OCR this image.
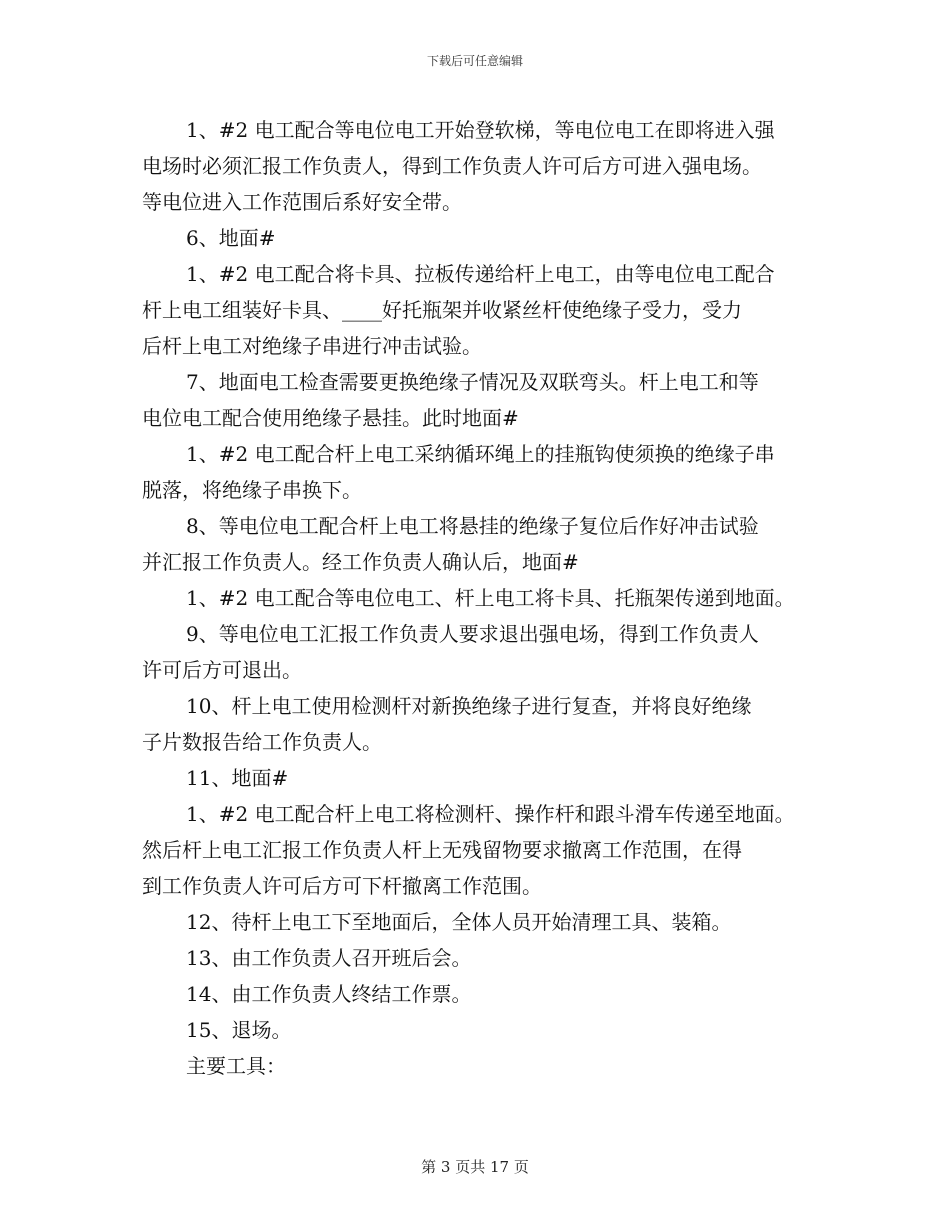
下载后可任意编辑

1、#2 电工配合等电位电工开始登软梯，等电位电工在即将进入强
电场时必须汇报工作负责人，得到工作负责人许可后方可进入强电场。
等电位进入工作范围后系好安全带。

6、地面#

1、#2 电工配合将卡具、拉板传递给杆上电工，由等电位电工配合
杆上电工组装好卡具、____好托瓶架并收紧丝杆使绝缘子受力，受力
后杆上电工对绝缘子串进行冲击试验。

7、地面电工检查需要更换绝缘子情况及双联弯头。杆上电工和等
电位电工配合使用绝缘子悬挂。此时地面#

1、#2 电工配合杆上电工采纳循环绳上的挂瓶钩使须换的绝缘子串
脱落，将绝缘子串换下。

8、等电位电工配合杆上电工将悬挂的绝缘子复位后作好冲击试验
并汇报工作负责人。经工作负责人确认后，地面#

1、#2 电工配合等电位电工、杆上电工将卡具、托瓶架传递到地面。

9、等电位电工汇报工作负责人要求退出强电场，得到工作负责人
许可后方可退出。

10、杆上电工使用检测杆对新换绝缘子进行复查，并将良好绝缘
子片数报告给工作负责人。

11、地面#

1、#2 电工配合杆上电工将检测杆、操作杆和跟斗滑车传递至地面。
然后杆上电工汇报工作负责人杆上无残留物要求撤离工作范围，在得
到工作负责人许可后方可下杆撤离工作范围。

12、待杆上电工下至地面后，全体人员开始清理工具、装箱。

13、由工作负责人召开班后会。

14、由工作负责人终结工作票。

15、退场。

主要工具：

第 3 页共 17 页
